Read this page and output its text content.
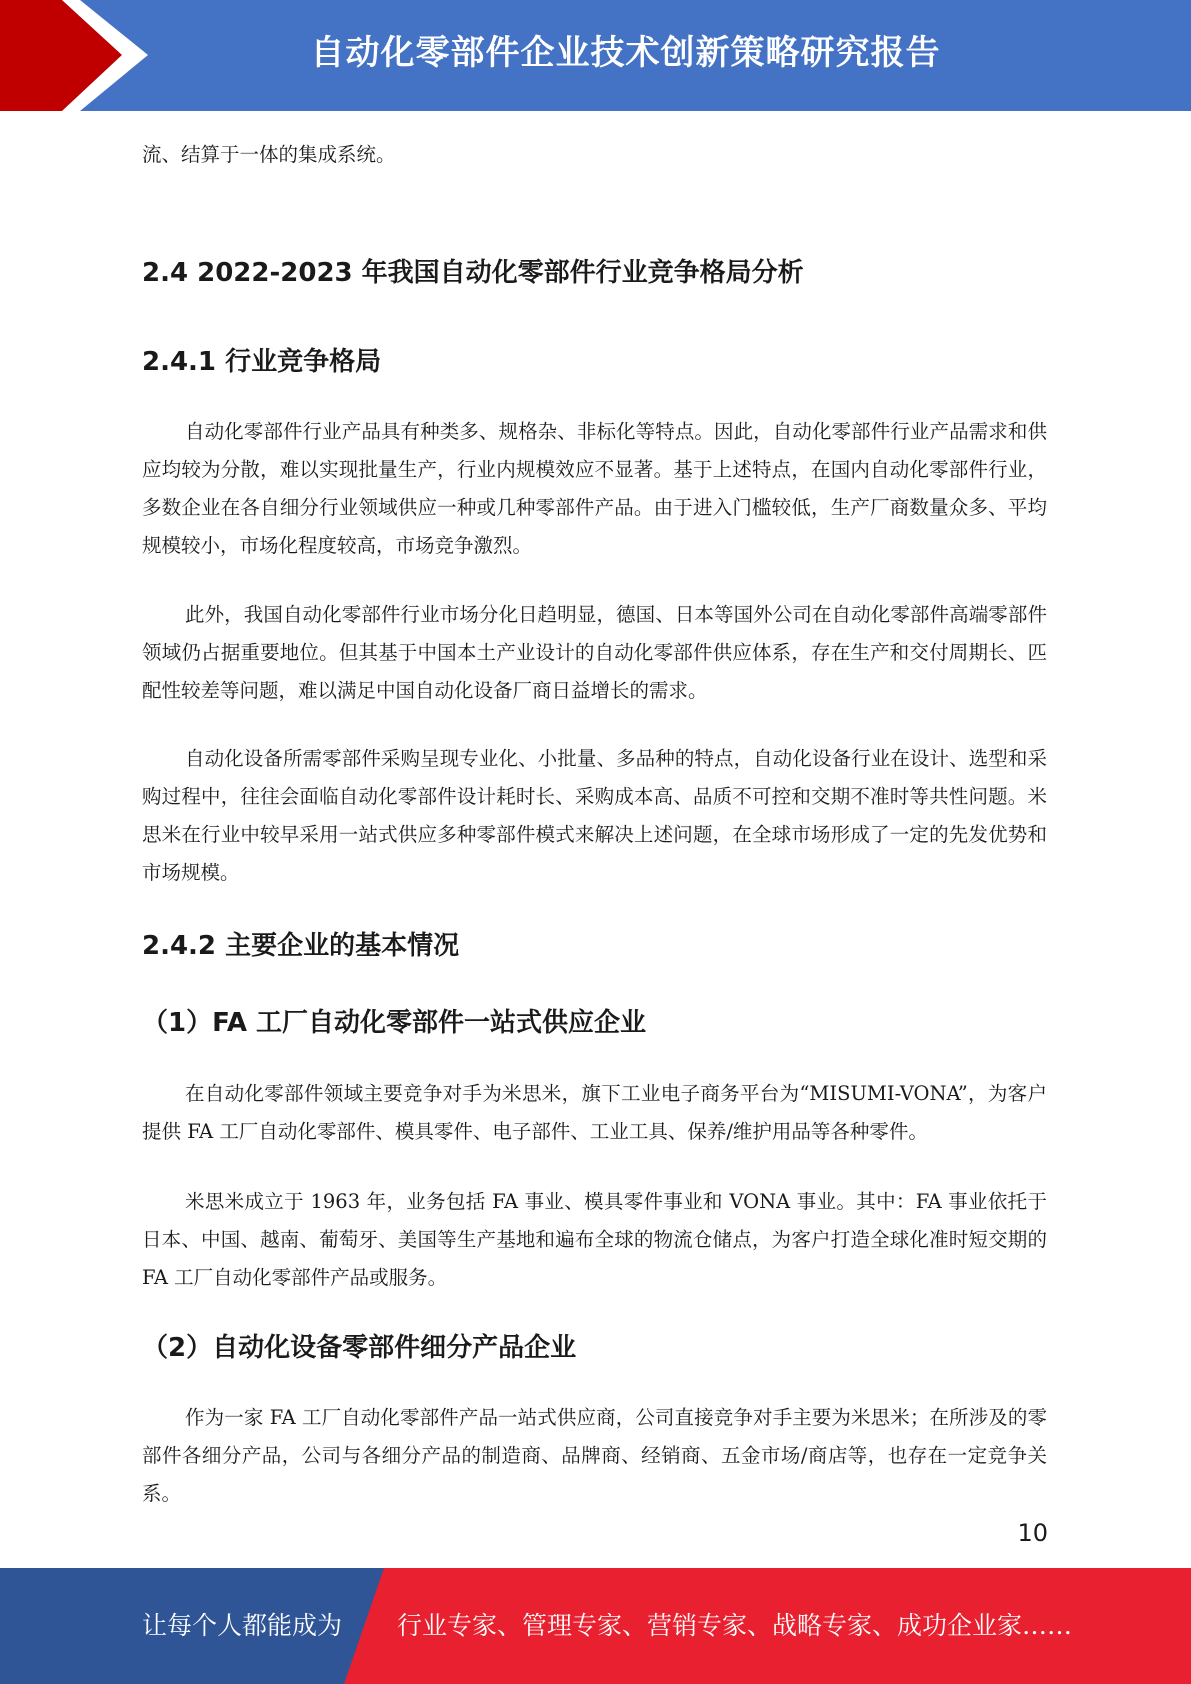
自动化零部件企业技术创新策略研究报告

流、结算于一体的集成系统。

2.4 2022-2023 年我国自动化零部件行业竞争格局分析
2.4.1 行业竞争格局

自动化零部件行业产品具有种类多、规格杂、非标化等特点。因此，自动化零部件行业产品需求和供应均较为分散，难以实现批量生产，行业内规模效应不显著。基于上述特点，在国内自动化零部件行业，多数企业在各自细分行业领域供应一种或几种零部件产品。由于进入门槛较低，生产厂商数量众多、平均规模较小，市场化程度较高，市场竞争激烈。

此外，我国自动化零部件行业市场分化日趋明显，德国、日本等国外公司在自动化零部件高端零部件领域仍占据重要地位。但其基于中国本土产业设计的自动化零部件供应体系，存在生产和交付周期长、匹配性较差等问题，难以满足中国自动化设备厂商日益增长的需求。

自动化设备所需零部件采购呈现专业化、小批量、多品种的特点，自动化设备行业在设计、选型和采购过程中，往往会面临自动化零部件设计耗时长、采购成本高、品质不可控和交期不准时等共性问题。米思米在行业中较早采用一站式供应多种零部件模式来解决上述问题，在全球市场形成了一定的先发优势和市场规模。

2.4.2 主要企业的基本情况
（1）FA 工厂自动化零部件一站式供应企业

在自动化零部件领域主要竞争对手为米思米，旗下工业电子商务平台为“MISUMI-VONA”，为客户提供 FA 工厂自动化零部件、模具零件、电子部件、工业工具、保养/维护用品等各种零件。

米思米成立于 1963 年，业务包括 FA 事业、模具零件事业和 VONA 事业。其中：FA 事业依托于日本、中国、越南、葡萄牙、美国等生产基地和遍布全球的物流仓储点，为客户打造全球化准时短交期的 FA 工厂自动化零部件产品或服务。

（2）自动化设备零部件细分产品企业

作为一家 FA 工厂自动化零部件产品一站式供应商，公司直接竞争对手主要为米思米；在所涉及的零部件各细分产品，公司与各细分产品的制造商、品牌商、经销商、五金市场/商店等，也存在一定竞争关系。

10
让每个人都能成为 行业专家、管理专家、营销专家、战略专家、成功企业家……
